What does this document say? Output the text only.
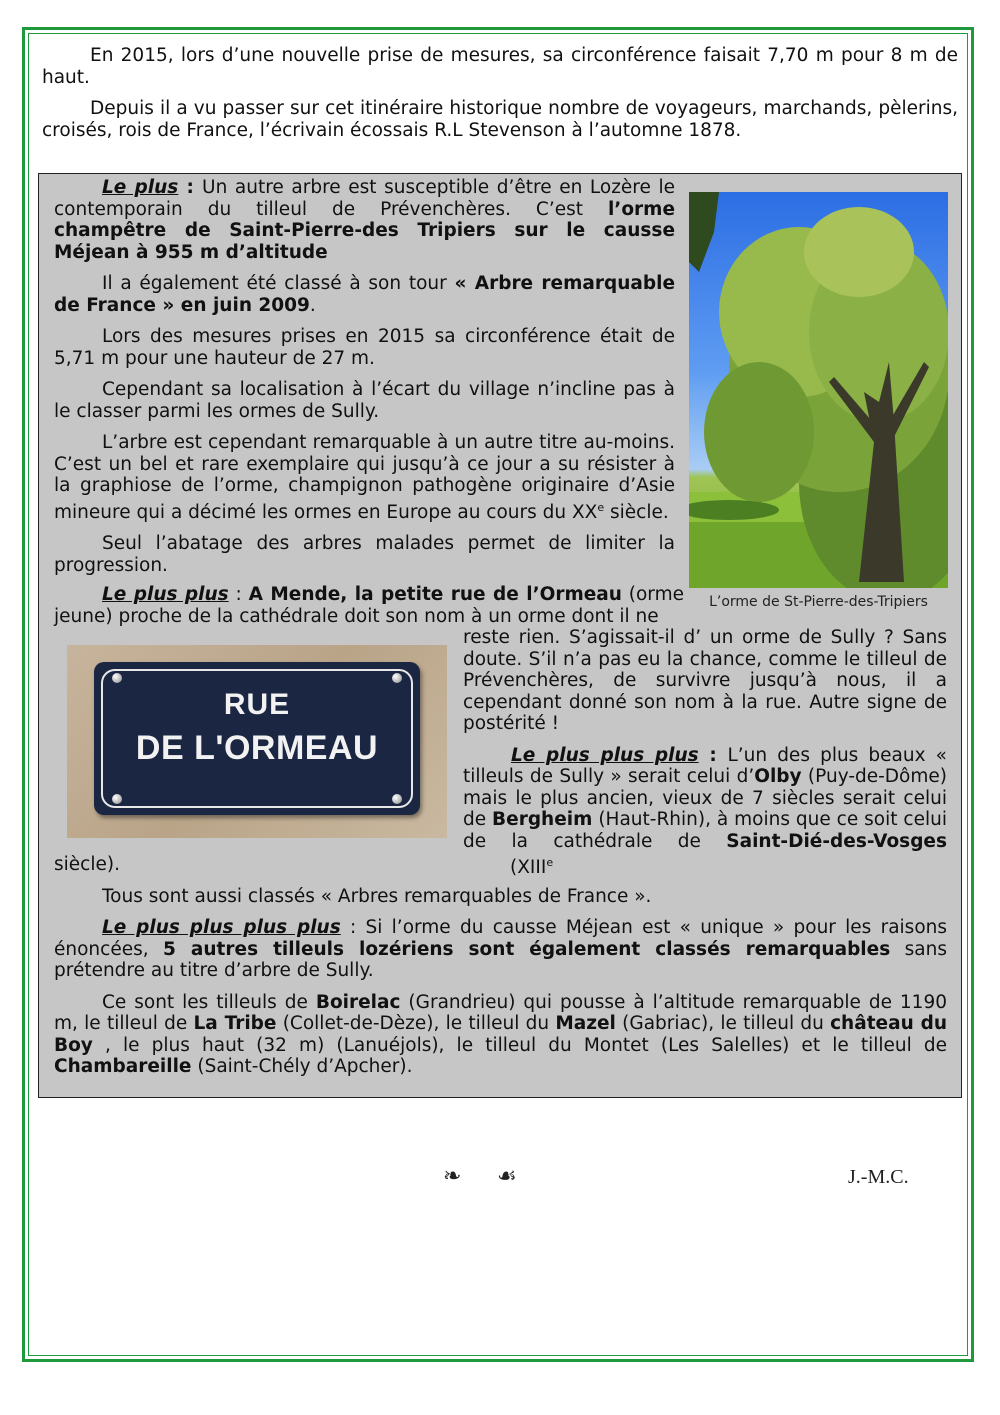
En 2015, lors d’une nouvelle prise de mesures, sa circonférence faisait 7,70 m pour 8 m de haut.

Depuis il a vu passer sur cet itinéraire historique nombre de voyageurs, marchands, pèlerins, croisés, rois de France, l’écrivain écossais R.L Stevenson à l’automne 1878.

Le plus : Un autre arbre est susceptible d’être en Lozère le contemporain du tilleul de Prévenchères. C’est l’orme champêtre de Saint-Pierre-des Tripiers sur le causse Méjean à 955 m d’altitude

Il a également été classé à son tour « Arbre remarquable de France » en juin 2009.

Lors des mesures prises en 2015 sa circonférence était de 5,71 m pour une hauteur de 27 m.

Cependant sa localisation à l’écart du village n’incline pas à le classer parmi les ormes de Sully.

L’arbre est cependant remarquable à un autre titre au-moins. C’est un bel et rare exemplaire qui jusqu’à ce jour a su résister à la graphiose de l’orme, champignon pathogène originaire d’Asie mineure qui a décimé les ormes en Europe au cours du XXe siècle.

Seul l’abatage des arbres malades permet de limiter la progression.

L’orme de St-Pierre-des-Tripiers

Le plus plus : A Mende, la petite rue de l’Ormeau (orme jeune) proche de la cathédrale doit son nom à un orme dont il ne

RUE
DE L'ORMEAU

reste rien. S’agissait-il d’ un orme de Sully ? Sans doute. S’il n’a pas eu la chance, comme le tilleul de Prévenchères, de survivre jusqu’à nous, il a cependant donné son nom à la rue. Autre signe de postérité !

Le plus plus plus : L’un des plus beaux « tilleuls de Sully » serait celui d’Olby (Puy-de-Dôme) mais le plus ancien, vieux de 7 siècles serait celui de Bergheim (Haut-Rhin), à moins que ce soit celui de la cathédrale de Saint-Dié-des-Vosges        (XIIIe

siècle).

Tous sont aussi classés « Arbres remarquables de France ».

Le plus plus plus plus : Si l’orme du causse Méjean est « unique » pour les raisons énoncées, 5 autres tilleuls lozériens sont également classés remarquables sans prétendre au titre d’arbre de Sully.

Ce sont les tilleuls de Boirelac (Grandrieu) qui pousse à l’altitude remarquable de 1190 m, le tilleul de La Tribe (Collet-de-Dèze), le tilleul du Mazel (Gabriac), le tilleul du château du Boy , le plus haut (32 m) (Lanuéjols), le tilleul du Montet (Les Salelles) et le tilleul de Chambareille (Saint-Chély d’Apcher).

❧ ☙	J.-M.C.
